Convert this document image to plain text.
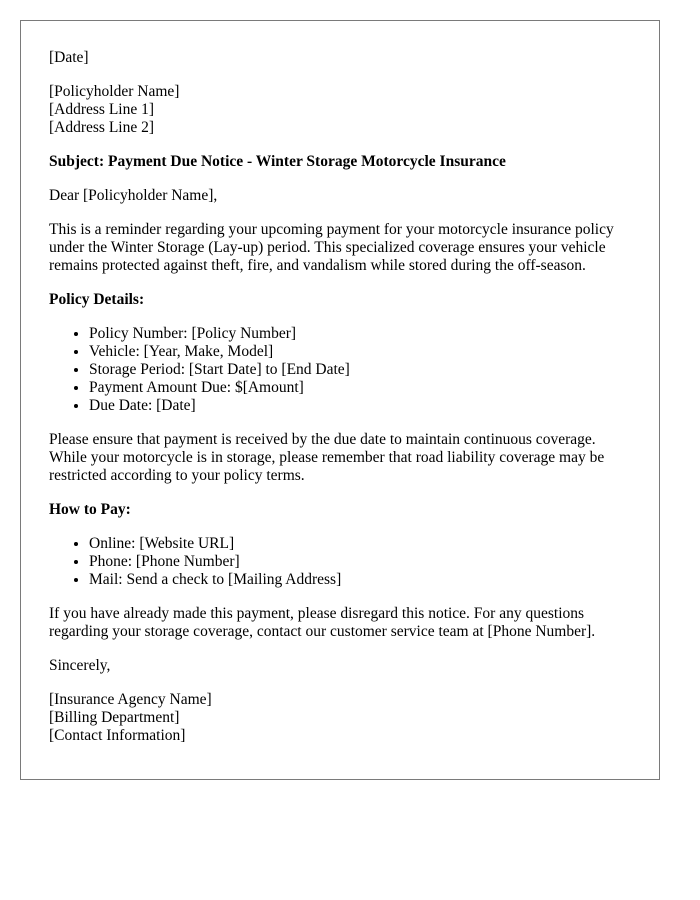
[Date]

[Policyholder Name]

[Address Line 1]

[Address Line 2]

Subject: Payment Due Notice - Winter Storage Motorcycle Insurance

Dear [Policyholder Name],

This is a reminder regarding your upcoming payment for your motorcycle insurance policy under the Winter Storage (Lay-up) period. This specialized coverage ensures your vehicle remains protected against theft, fire, and vandalism while stored during the off-season.

Policy Details:

• Policy Number: [Policy Number]
• Vehicle: [Year, Make, Model]
• Storage Period: [Start Date] to [End Date]
• Payment Amount Due: $[Amount]
• Due Date: [Date]

Please ensure that payment is received by the due date to maintain continuous coverage. While your motorcycle is in storage, please remember that road liability coverage may be restricted according to your policy terms.

How to Pay:

• Online: [Website URL]
• Phone: [Phone Number]
• Mail: Send a check to [Mailing Address]

If you have already made this payment, please disregard this notice. For any questions regarding your storage coverage, contact our customer service team at [Phone Number].

Sincerely,

[Insurance Agency Name]

[Billing Department]

[Contact Information]
